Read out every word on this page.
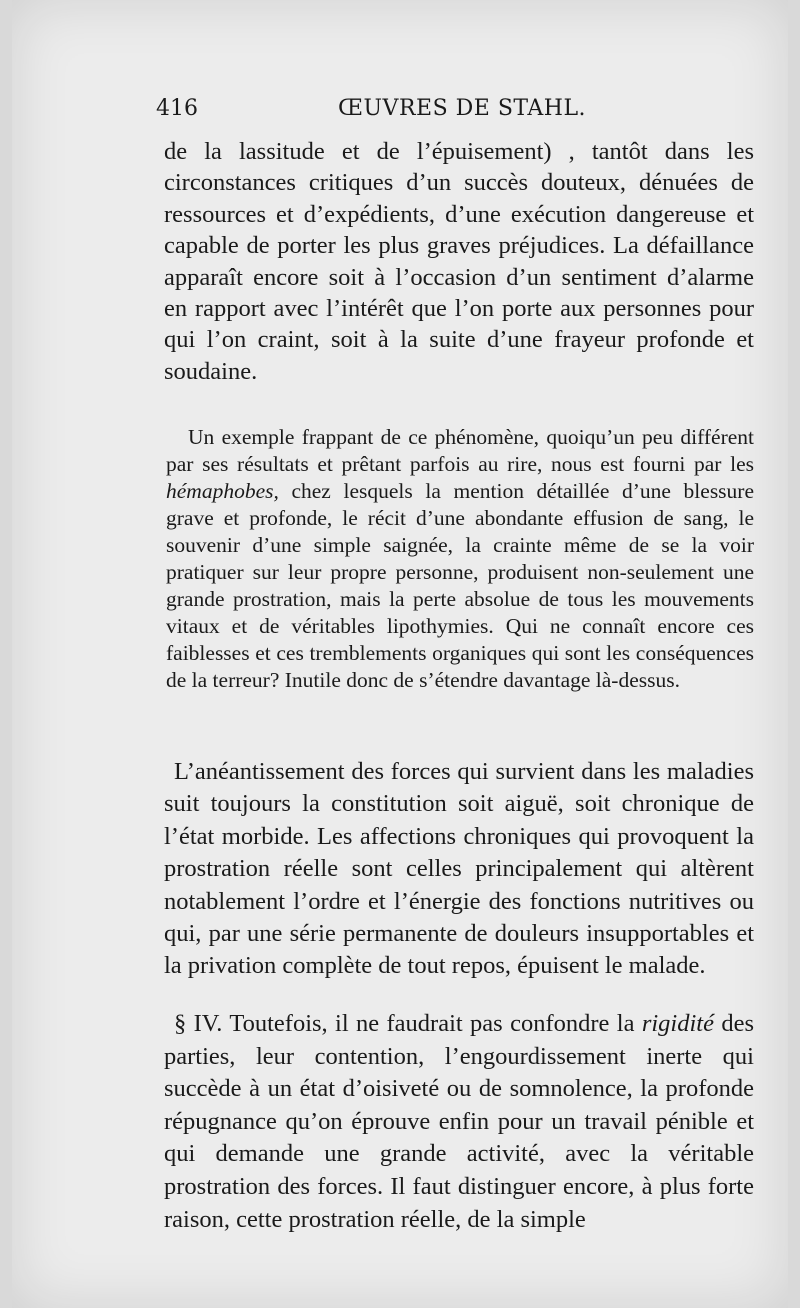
416	ŒUVRES DE STAHL.

de la lassitude et de l’épuisement) , tantôt dans les circonstances critiques d’un succès douteux, dénuées de ressources et d’expédients, d’une exécution dangereuse et capable de porter les plus graves préjudices. La défaillance apparaît encore soit à l’occasion d’un sentiment d’alarme en rapport avec l’intérêt que l’on porte aux personnes pour qui l’on craint, soit à la suite d’une frayeur profonde et soudaine.

Un exemple frappant de ce phénomène, quoiqu’un peu différent par ses résultats et prêtant parfois au rire, nous est fourni par les hémaphobes, chez lesquels la mention détaillée d’une blessure grave et profonde, le récit d’une abondante effusion de sang, le souvenir d’une simple saignée, la crainte même de se la voir pratiquer sur leur propre personne, produisent non-seulement une grande prostration, mais la perte absolue de tous les mouvements vitaux et de véritables lipothymies. Qui ne connaît encore ces faiblesses et ces tremblements organiques qui sont les conséquences de la terreur? Inutile donc de s’étendre davantage là-dessus.

L’anéantissement des forces qui survient dans les maladies suit toujours la constitution soit aiguë, soit chronique de l’état morbide. Les affections chroniques qui provoquent la prostration réelle sont celles principalement qui altèrent notablement l’ordre et l’énergie des fonctions nutritives ou qui, par une série permanente de douleurs insupportables et la privation complète de tout repos, épuisent le malade.

§ IV. Toutefois, il ne faudrait pas confondre la rigidité des parties, leur contention, l’engourdissement inerte qui succède à un état d’oisiveté ou de somnolence, la profonde répugnance qu’on éprouve enfin pour un travail pénible et qui demande une grande activité, avec la véritable prostration des forces. Il faut distinguer encore, à plus forte raison, cette prostration réelle, de la simple
